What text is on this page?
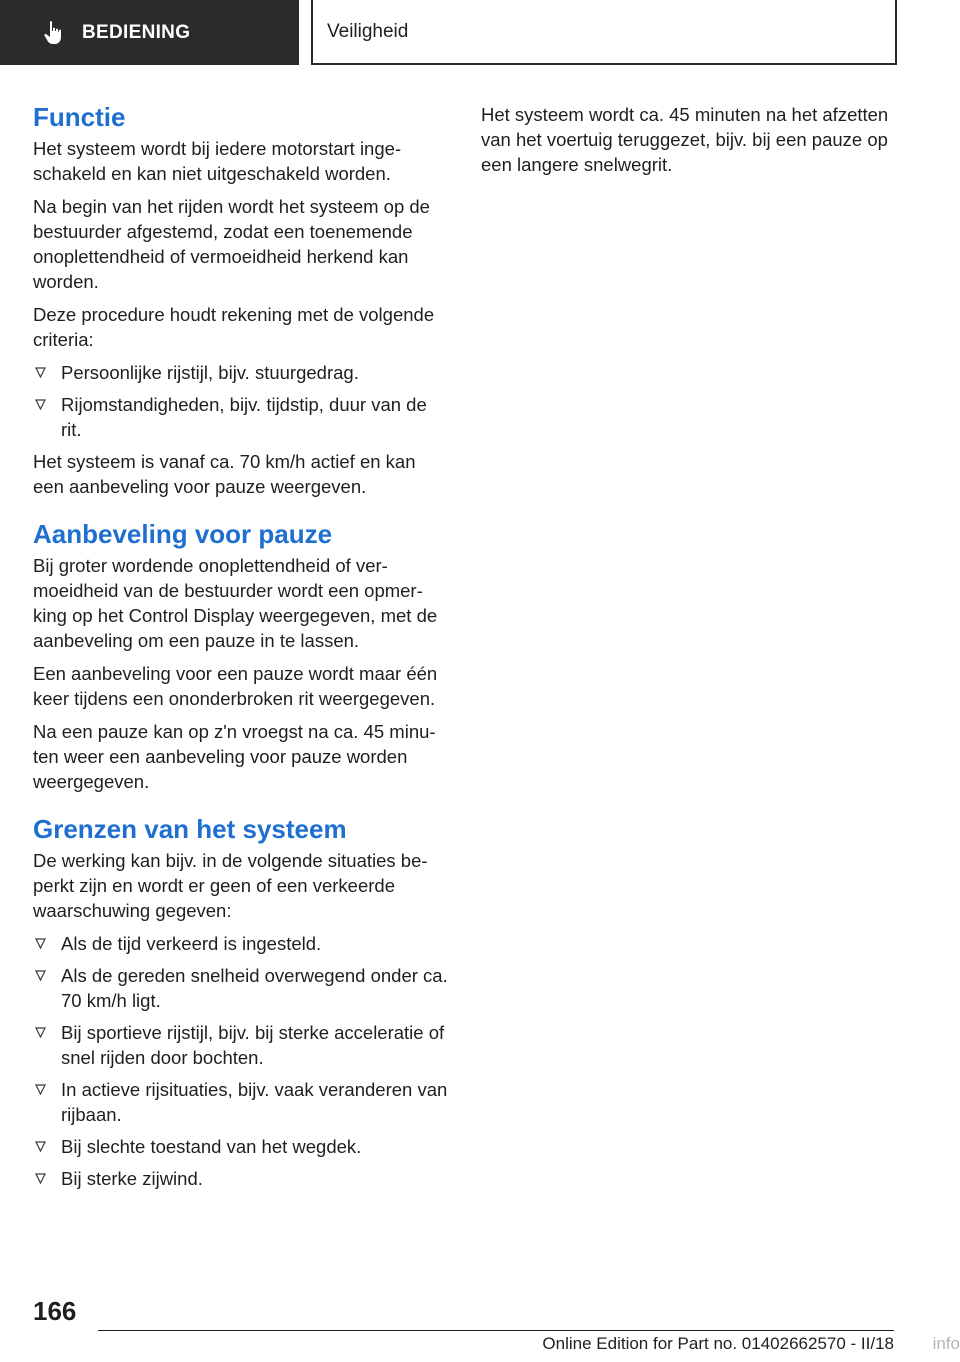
BEDIENING	Veiligheid
Functie

Het systeem wordt bij iedere motorstart ingeschakeld en kan niet uitgeschakeld worden.

Na begin van het rijden wordt het systeem op de bestuurder afgestemd, zodat een toenemende onoplettendheid of vermoeidheid herkend kan worden.

Deze procedure houdt rekening met de volgende criteria:

Persoonlijke rijstijl, bijv. stuurgedrag.
Rijomstandigheden, bijv. tijdstip, duur van de rit.

Het systeem is vanaf ca. 70 km/h actief en kan een aanbeveling voor pauze weergeven.

Aanbeveling voor pauze

Bij groter wordende onoplettendheid of vermoeidheid van de bestuurder wordt een opmerking op het Control Display weergegeven, met de aanbeveling om een pauze in te lassen.

Een aanbeveling voor een pauze wordt maar één keer tijdens een ononderbroken rit weergegeven.

Na een pauze kan op z'n vroegst na ca. 45 minuten weer een aanbeveling voor pauze worden weergegeven.

Grenzen van het systeem

De werking kan bijv. in de volgende situaties beperkt zijn en wordt er geen of een verkeerde waarschuwing gegeven:

Als de tijd verkeerd is ingesteld.
Als de gereden snelheid overwegend onder ca. 70 km/h ligt.
Bij sportieve rijstijl, bijv. bij sterke acceleratie of snel rijden door bochten.
In actieve rijsituaties, bijv. vaak veranderen van rijbaan.
Bij slechte toestand van het wegdek.
Bij sterke zijwind.

Het systeem wordt ca. 45 minuten na het afzetten van het voertuig teruggezet, bijv. bij een pauze op een langere snelwegrit.

166
Online Edition for Part no. 01402662570 - II/18 info
